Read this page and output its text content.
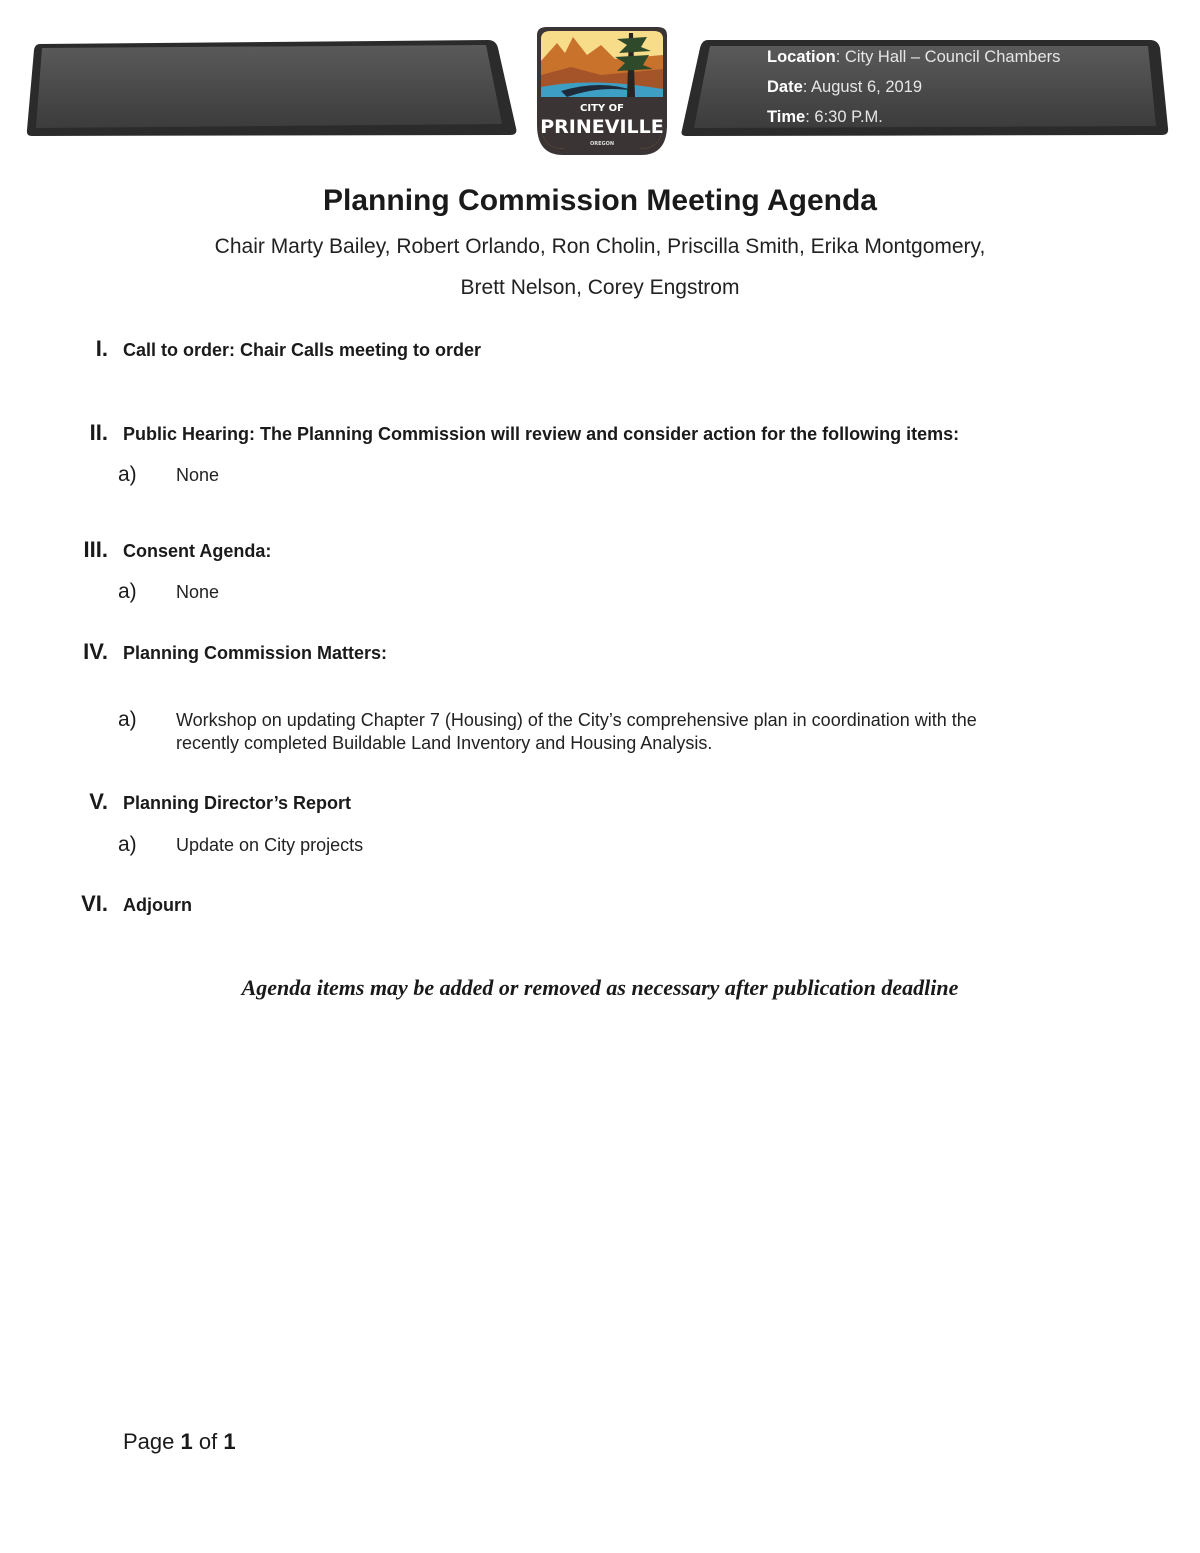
Location: City Hall – Council Chambers
Date: August 6, 2019
Time: 6:30 P.M.
CITY OF
PRINEVILLE
OREGON
Planning Commission Meeting Agenda
Chair Marty Bailey, Robert Orlando, Ron Cholin, Priscilla Smith, Erika Montgomery,
Brett Nelson, Corey Engstrom
I. Call to order: Chair Calls meeting to order
II. Public Hearing: The Planning Commission will review and consider action for the following items:
a) None
III. Consent Agenda:
a) None
IV. Planning Commission Matters:
a) Workshop on updating Chapter 7 (Housing) of the City’s comprehensive plan in coordination with the
recently completed Buildable Land Inventory and Housing Analysis.
V. Planning Director’s Report
a) Update on City projects
VI. Adjourn
Agenda items may be added or removed as necessary after publication deadline
Page 1 of 1
